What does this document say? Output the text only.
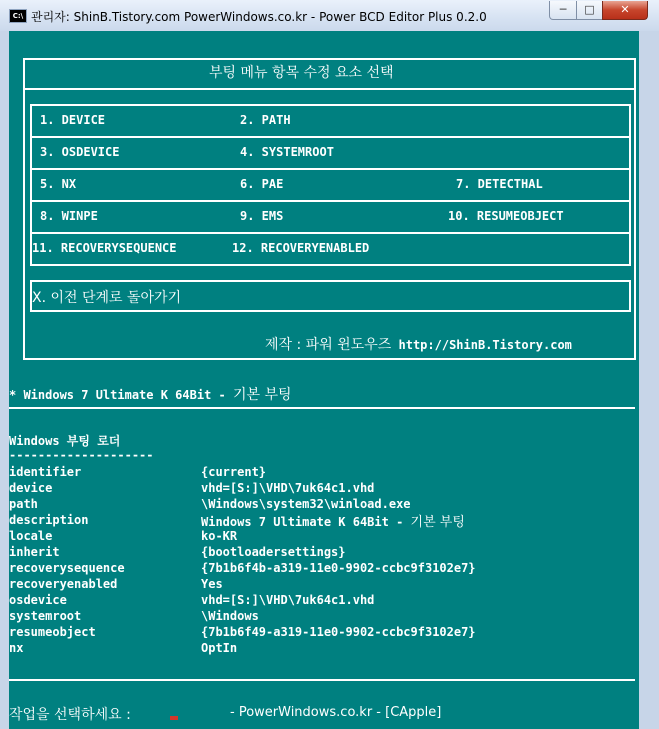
C:\ 관리자: ShinB.Tistory.com PowerWindows.co.kr - Power BCD Editor Plus 0.2.0
─	□	✕
부팅 메뉴 항목 수정 요소 선택
1. DEVICE	2. PATH
3. OSDEVICE	4. SYSTEMROOT
5. NX	6. PAE	7. DETECTHAL
8. WINPE	9. EMS	10. RESUMEOBJECT
11. RECOVERYSEQUENCE	12. RECOVERYENABLED
X. 이전 단계로 돌아가기
제작 : 파워 윈도우즈 http://ShinB.Tistory.com
* Windows 7 Ultimate K 64Bit - 기본 부팅
Windows 부팅 로더
--------------------
identifier	{current}
device	vhd=[S:]\VHD\7uk64c1.vhd
path	\Windows\system32\winload.exe
description	Windows 7 Ultimate K 64Bit - 기본 부팅
locale	ko-KR
inherit	{bootloadersettings}
recoverysequence	{7b1b6f4b-a319-11e0-9902-ccbc9f3102e7}
recoveryenabled	Yes
osdevice	vhd=[S:]\VHD\7uk64c1.vhd
systemroot	\Windows
resumeobject	{7b1b6f49-a319-11e0-9902-ccbc9f3102e7}
nx	OptIn
작업을 선택하세요 :	- PowerWindows.co.kr - [CApple]
